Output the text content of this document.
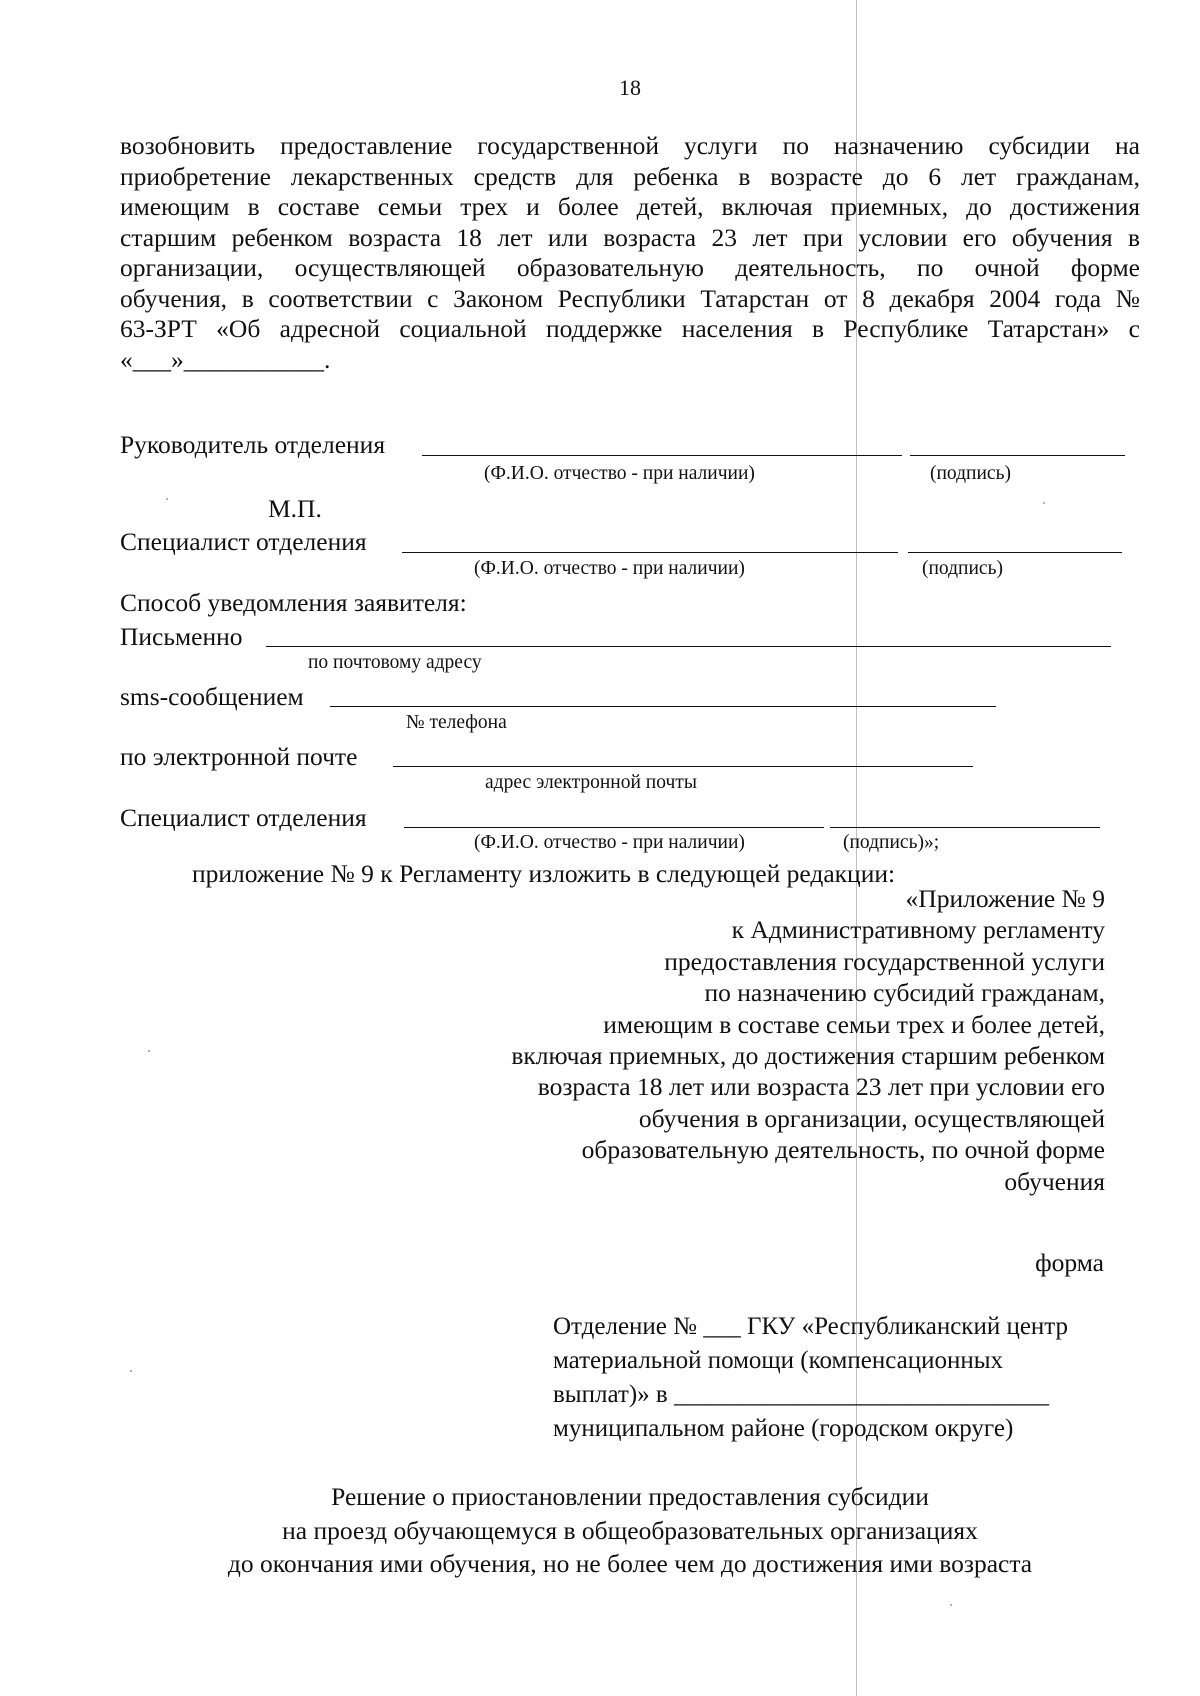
18
возобновить предоставление государственной услуги по назначению субсидии на
приобретение лекарственных средств для ребенка в возрасте до 6 лет гражданам,
имеющим в составе семьи трех и более детей, включая приемных, до достижения
старшим ребенком возраста 18 лет или возраста 23 лет при условии его обучения в
организации, осуществляющей образовательную деятельность, по очной форме
обучения, в соответствии с Законом Республики Татарстан от 8 декабря 2004 года №
63-ЗРТ «Об адресной социальной поддержке населения в Республике Татарстан» с
«___»___________.
Руководитель отделения
(Ф.И.О. отчество - при наличии)	(подпись)
М.П.
Специалист отделения
(Ф.И.О. отчество - при наличии)	(подпись)
Способ уведомления заявителя:
Письменно
по почтовому адресу
sms-сообщением
№ телефона
по электронной почте
адрес электронной почты
Специалист отделения
(Ф.И.О. отчество - при наличии)	(подпись)»;
приложение № 9 к Регламенту изложить в следующей редакции:
«Приложение № 9
к Административному регламенту
предоставления государственной услуги
по назначению субсидий гражданам,
имеющим в составе семьи трех и более детей,
включая приемных, до достижения старшим ребенком
возраста 18 лет или возраста 23 лет при условии его
обучения в организации, осуществляющей
образовательную деятельность, по очной форме
обучения
форма
Отделение № ___ ГКУ «Республиканский центр
материальной помощи (компенсационных
выплат)» в ______________________________
муниципальном районе (городском округе)
Решение о приостановлении предоставления субсидии
на проезд обучающемуся в общеобразовательных организациях
до окончания ими обучения, но не более чем до достижения ими возраста
